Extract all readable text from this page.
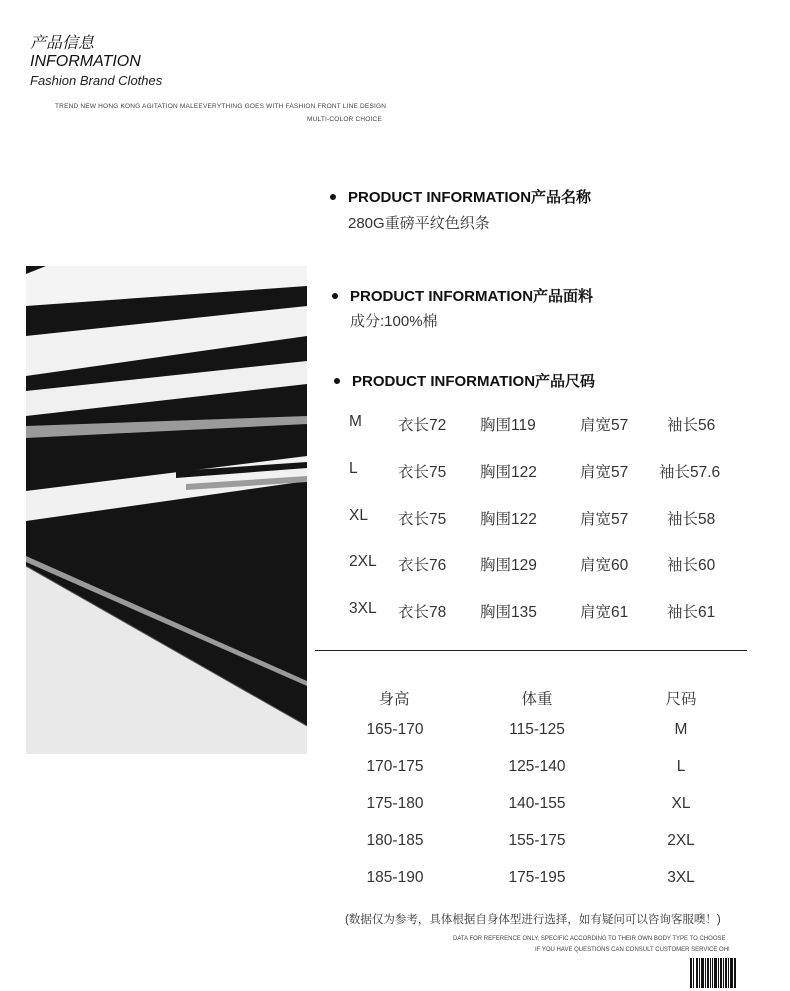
产品信息
INFORMATION
Fashion Brand Clothes
TREND NEW HONG KONG AGITATION MALEEVERYTHING GOES WITH FASHION FRONT LINE DESIGN
MULTI-COLOR CHOICE
PRODUCT INFORMATION产品名称
280G重磅平纹色织条
PRODUCT INFORMATION产品面料
成分:100%棉
PRODUCT INFORMATION产品尺码
M 衣长72 胸围119	肩宽57	袖长56
L	衣长75 胸围122	肩宽57 袖长57.6
XL 衣长75 胸围122	肩宽57	袖长58
2XL 衣长76 胸围129	肩宽60	袖长60
3XL 衣长78 胸围135	肩宽61	袖长61
身高	体重	尺码
165-170	115-125	M
170-175	125-140	L
175-180	140-155	XL
180-185	155-175	2XL
185-190	175-195	3XL
(数据仅为参考，具体根据自身体型进行选择，如有疑问可以咨询客服噢！)
DATA FOR REFERENCE ONLY, SPECIFIC ACCORDING TO THEIR OWN BODY TYPE TO CHOOSE
IF YOU HAVE QUESTIONS CAN CONSULT CUSTOMER SERVICE OH!
